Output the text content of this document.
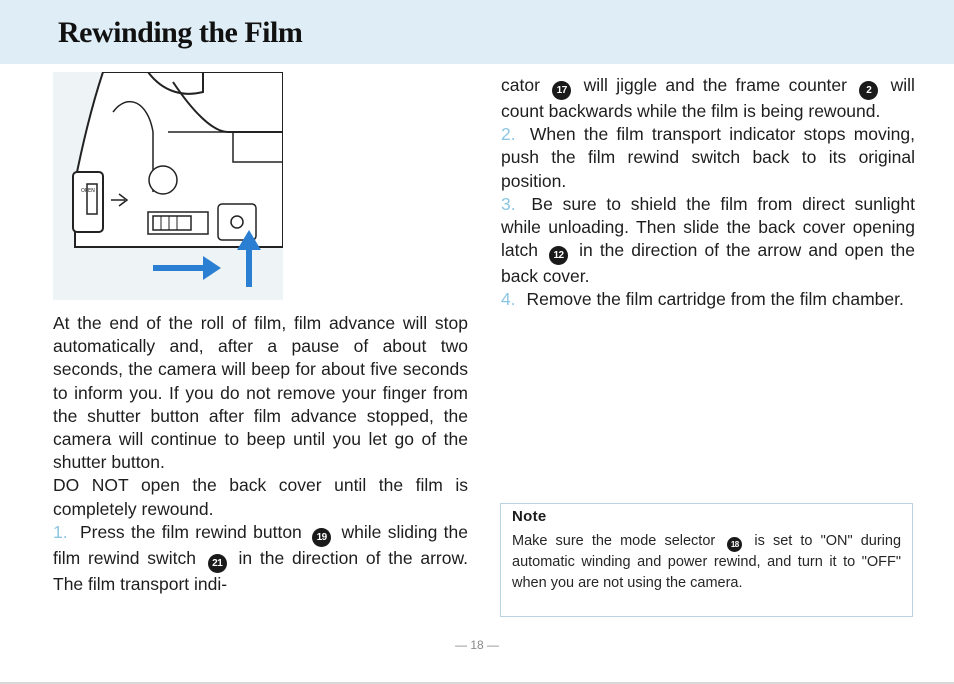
Rewinding the Film
OPEN

At the end of the roll of film, film advance will stop automatically and, after a pause of about two seconds, the camera will beep for about five seconds to inform you. If you do not remove your finger from the shutter button after film advance stopped, the camera will continue to beep until you let go of the shutter button.

DO NOT open the back cover until the film is completely rewound.

1. Press the film rewind button 19 while sliding the film rewind switch 21 in the direction of the arrow. The film transport indi-

cator 17 will jiggle and the frame counter 2 will count backwards while the film is being rewound.

2. When the film transport indicator stops moving, push the film rewind switch back to its original position.

3. Be sure to shield the film from direct sunlight while unloading. Then slide the back cover opening latch 12 in the direction of the arrow and open the back cover.

4. Remove the film cartridge from the film chamber.

Note

Make sure the mode selector 18 is set to "ON" during automatic winding and power rewind, and turn it to "OFF" when you are not using the camera.

— 18 —
